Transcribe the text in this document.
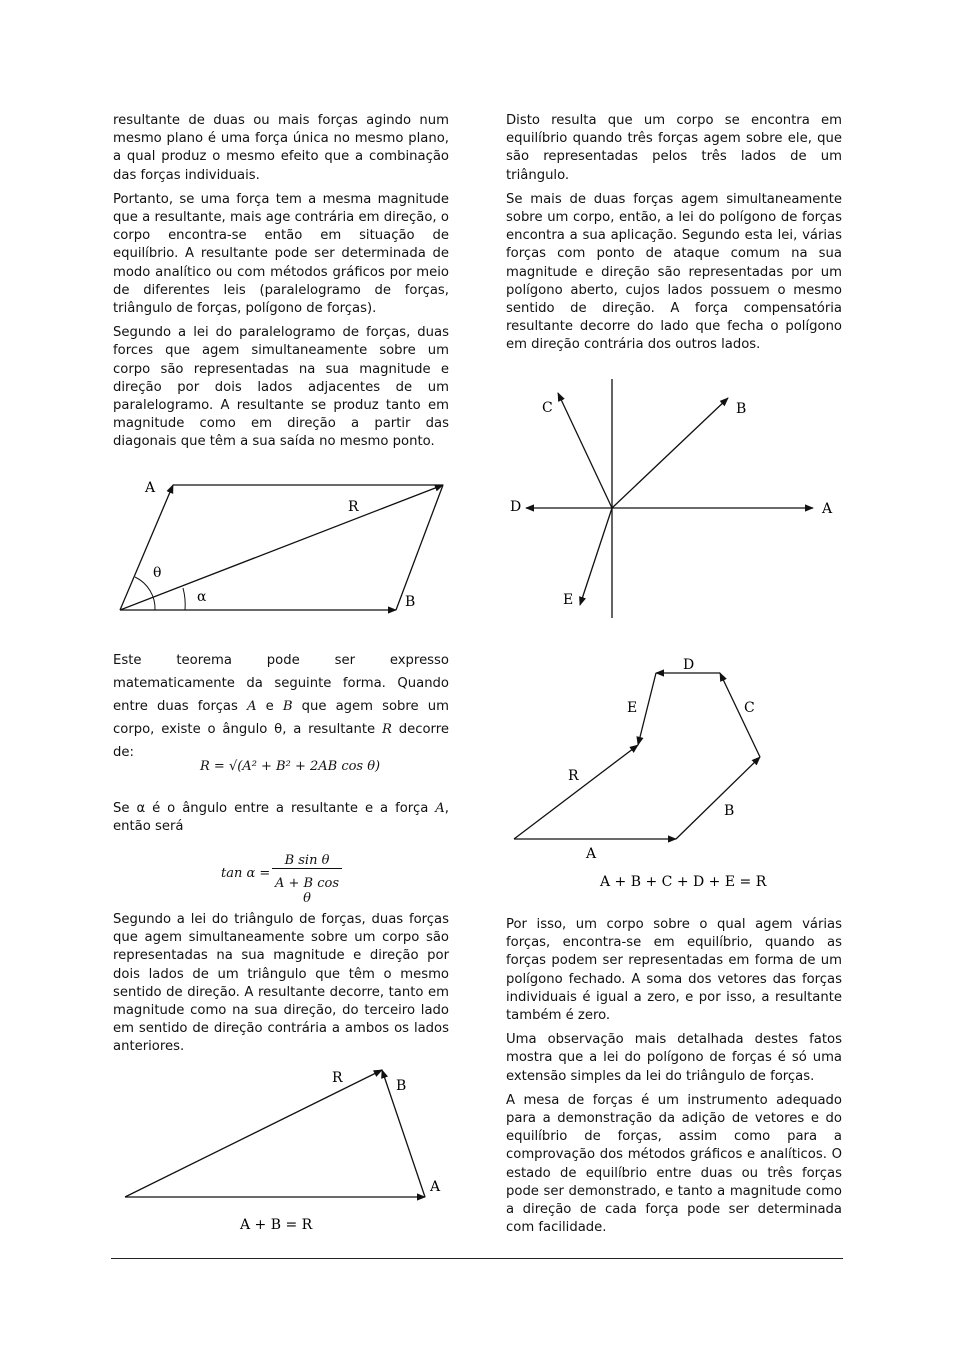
resultante de duas ou mais forças agindo num mesmo plano é uma força única no mesmo plano, a qual produz o mesmo efeito que a combinação das forças individuais.

Portanto, se uma força tem a mesma magnitude que a resultante, mais age contrária em direção, o corpo encontra-se então em situação de equilíbrio. A resultante pode ser determinada de modo analítico ou com métodos gráficos por meio de diferentes leis (paralelogramo de forças, triângulo de forças, polígono de forças).

Segundo a lei do paralelogramo de forças, duas forces que agem simultaneamente sobre um corpo são representadas na sua magnitude e direção por dois lados adjacentes de um paralelogramo. A resultante se produz tanto em magnitude como em direção a partir das diagonais que têm a sua saída no mesmo ponto.

A
R
B
θ
α
Este teorema pode ser expresso matematicamente da seguinte forma. Quando entre duas forças A e B que agem sobre um corpo, existe o ângulo θ, a resultante R decorre de:
R = √(A² + B² + 2AB cos θ)
Se α é o ângulo entre a resultante e a força A, então será
tan α =
B sin θ
A + B cos θ
Segundo a lei do triângulo de forças, duas forças que agem simultaneamente sobre um corpo são representadas na sua magnitude e direção por dois lados de um triângulo que têm o mesmo sentido de direção. A resultante decorre, tanto em magnitude como na sua direção, do terceiro lado em sentido de direção contrária a ambos os lados anteriores.
R	B
A
A + B = R

Disto resulta que um corpo se encontra em equilíbrio quando três forças agem sobre ele, que são representadas pelos três lados de um triângulo.

Se mais de duas forças agem simultaneamente sobre um corpo, então, a lei do polígono de forças encontra a sua aplicação. Segundo esta lei, várias forças com ponto de ataque comum na sua magnitude e direção são representadas por um polígono aberto, cujos lados possuem o mesmo sentido de direção. A força compensatória resultante decorre do lado que fecha o polígono em direção contrária dos outros lados.

C	B
A
D
E
D
E	C
R
B
A
A + B + C + D + E = R

Por isso, um corpo sobre o qual agem várias forças, encontra-se em equilíbrio, quando as forças podem ser representadas em forma de um polígono fechado. A soma dos vetores das forças individuais é igual a zero, e por isso, a resultante também é zero.

Uma observação mais detalhada destes fatos mostra que a lei do polígono de forças é só uma extensão simples da lei do triângulo de forças.

A mesa de forças é um instrumento adequado para a demonstração da adição de vetores e do equilíbrio de forças, assim como para a comprovação dos métodos gráficos e analíticos. O estado de equilíbrio entre duas ou três forças pode ser demonstrado, e tanto a magnitude como a direção de cada força pode ser determinada com facilidade.
